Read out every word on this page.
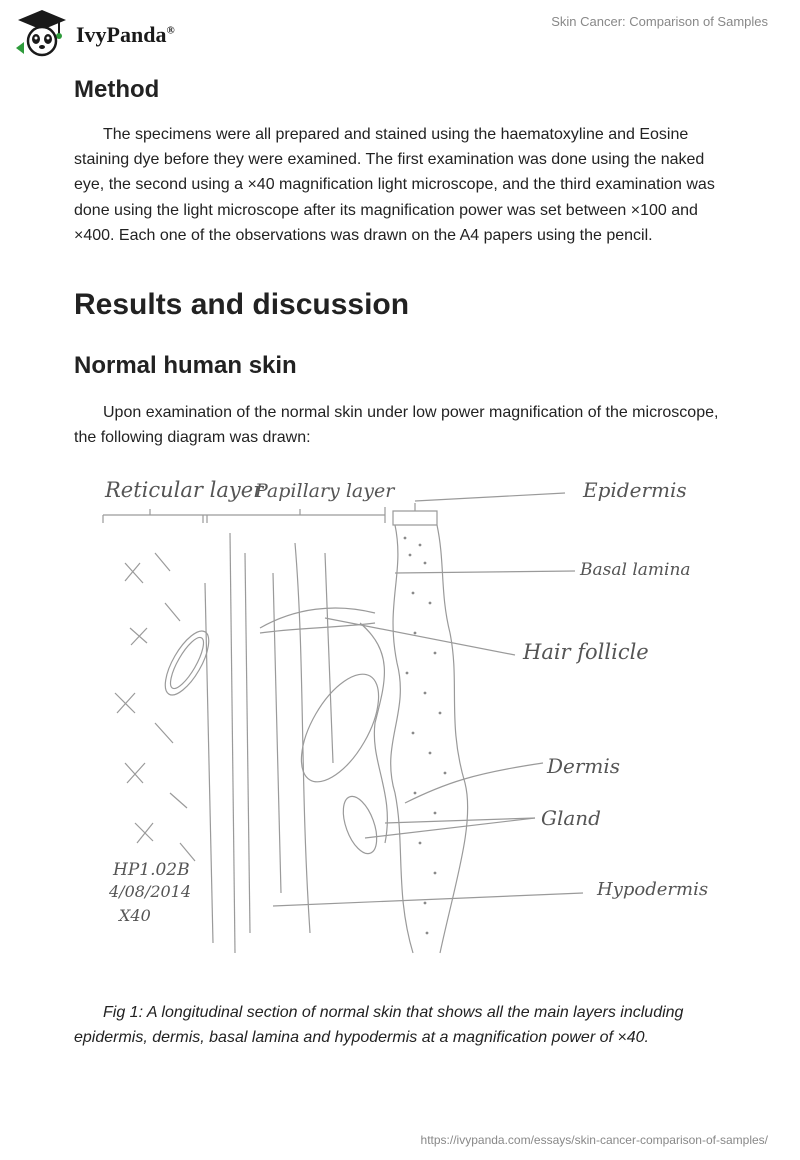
IvyPanda®
Skin Cancer: Comparison of Samples
Method

The specimens were all prepared and stained using the haematoxyline and Eosine staining dye before they were examined. The first examination was done using the naked eye, the second using a ×40 magnification light microscope, and the third examination was done using the light microscope after its magnification power was set between ×100 and ×400. Each one of the observations was drawn on the A4 papers using the pencil.

Results and discussion
Normal human skin

Upon examination of the normal skin under low power magnification of the microscope, the following diagram was drawn:

Reticular layer
Papillary layer	Epidermis
Basal lamina
Hair follicle
Dermis
Gland
Hypodermis
HP1.02B
4/08/2014
X40

Fig 1: A longitudinal section of normal skin that shows all the main layers including epidermis, dermis, basal lamina and hypodermis at a magnification power of ×40.

https://ivypanda.com/essays/skin-cancer-comparison-of-samples/
